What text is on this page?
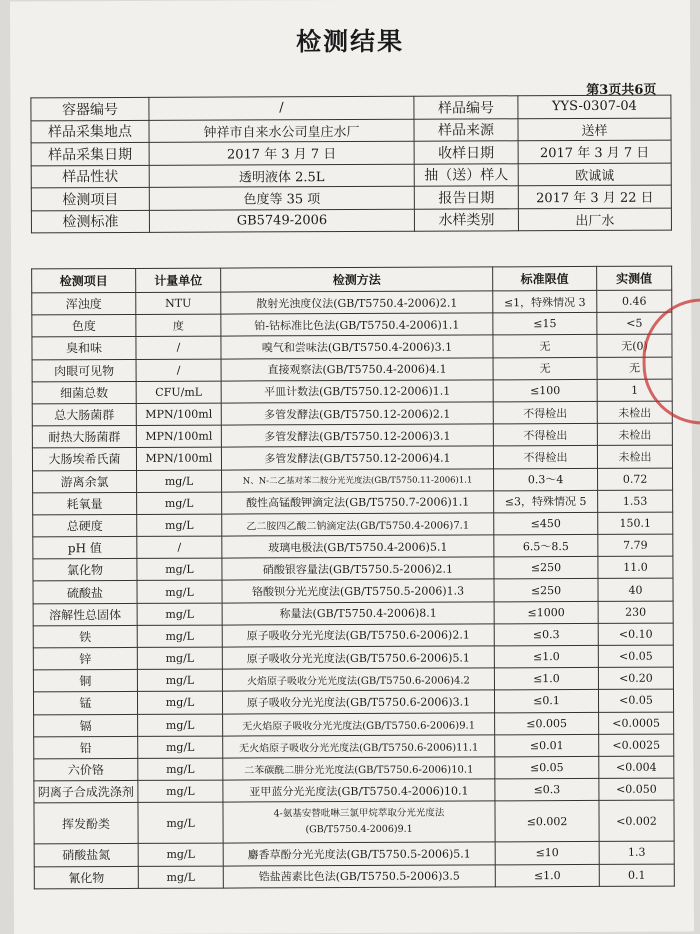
检测结果
第3页共6页
容器编号	/	样品编号	YYS-0307-04
样品采集地点	钟祥市自来水公司皇庄水厂	样品来源	送样
样品采集日期	2017 年 3 月 7 日	收样日期	2017 年 3 月 7 日
样品性状	透明液体 2.5L	抽（送）样人	欧诚诚
检测项目	色度等 35 项	报告日期	2017 年 3 月 22 日
检测标准	GB5749-2006	水样类别	出厂水
检测项目	计量单位	检测方法	标准限值	实测值
浑浊度	NTU	散射光浊度仪法(GB/T5750.4-2006)2.1	≤1，特殊情况 3	0.46
色度	度	铂-钴标准比色法(GB/T5750.4-2006)1.1	≤15	<5
臭和味	/	嗅气和尝味法(GB/T5750.4-2006)3.1	无	无(0)
肉眼可见物	/	直接观察法(GB/T5750.4-2006)4.1	无	无
细菌总数	CFU/mL	平皿计数法(GB/T5750.12-2006)1.1	≤100	1
总大肠菌群	MPN/100ml	多管发酵法(GB/T5750.12-2006)2.1	不得检出	未检出
耐热大肠菌群	MPN/100ml	多管发酵法(GB/T5750.12-2006)3.1	不得检出	未检出
大肠埃希氏菌	MPN/100ml	多管发酵法(GB/T5750.12-2006)4.1	不得检出	未检出
游离余氯	mg/L	N、N-二乙基对苯二胺分光光度法(GB/T5750.11-2006)1.1	0.3～4	0.72
耗氧量	mg/L	酸性高锰酸钾滴定法(GB/T5750.7-2006)1.1	≤3，特殊情况 5	1.53
总硬度	mg/L	乙二胺四乙酸二钠滴定法(GB/T5750.4-2006)7.1	≤450	150.1
pH 值	/	玻璃电极法(GB/T5750.4-2006)5.1	6.5～8.5	7.79
氯化物	mg/L	硝酸银容量法(GB/T5750.5-2006)2.1	≤250	11.0
硫酸盐	mg/L	铬酸钡分光光度法(GB/T5750.5-2006)1.3	≤250	40
溶解性总固体	mg/L	称量法(GB/T5750.4-2006)8.1	≤1000	230
铁	mg/L	原子吸收分光光度法(GB/T5750.6-2006)2.1	≤0.3	<0.10
锌	mg/L	原子吸收分光光度法(GB/T5750.6-2006)5.1	≤1.0	<0.05
铜	mg/L	火焰原子吸收分光光度法(GB/T5750.6-2006)4.2	≤1.0	<0.20
锰	mg/L	原子吸收分光光度法(GB/T5750.6-2006)3.1	≤0.1	<0.05
镉	mg/L	无火焰原子吸收分光光度法(GB/T5750.6-2006)9.1	≤0.005	<0.0005
铅	mg/L	无火焰原子吸收分光光度法(GB/T5750.6-2006)11.1	≤0.01	<0.0025
六价铬	mg/L	二苯碳酰二肼分光光度法(GB/T5750.6-2006)10.1	≤0.05	<0.004
阴离子合成洗涤剂	mg/L	亚甲蓝分光光度法(GB/T5750.4-2006)10.1	≤0.3	<0.050
挥发酚类	mg/L	4-氨基安替吡啉三氯甲烷萃取分光光度法
(GB/T5750.4-2006)9.1	≤0.002	<0.002
硝酸盐氮	mg/L	麝香草酚分光光度法(GB/T5750.5-2006)5.1	≤10	1.3
氰化物	mg/L	锆盐茜素比色法(GB/T5750.5-2006)3.5	≤1.0	0.1
